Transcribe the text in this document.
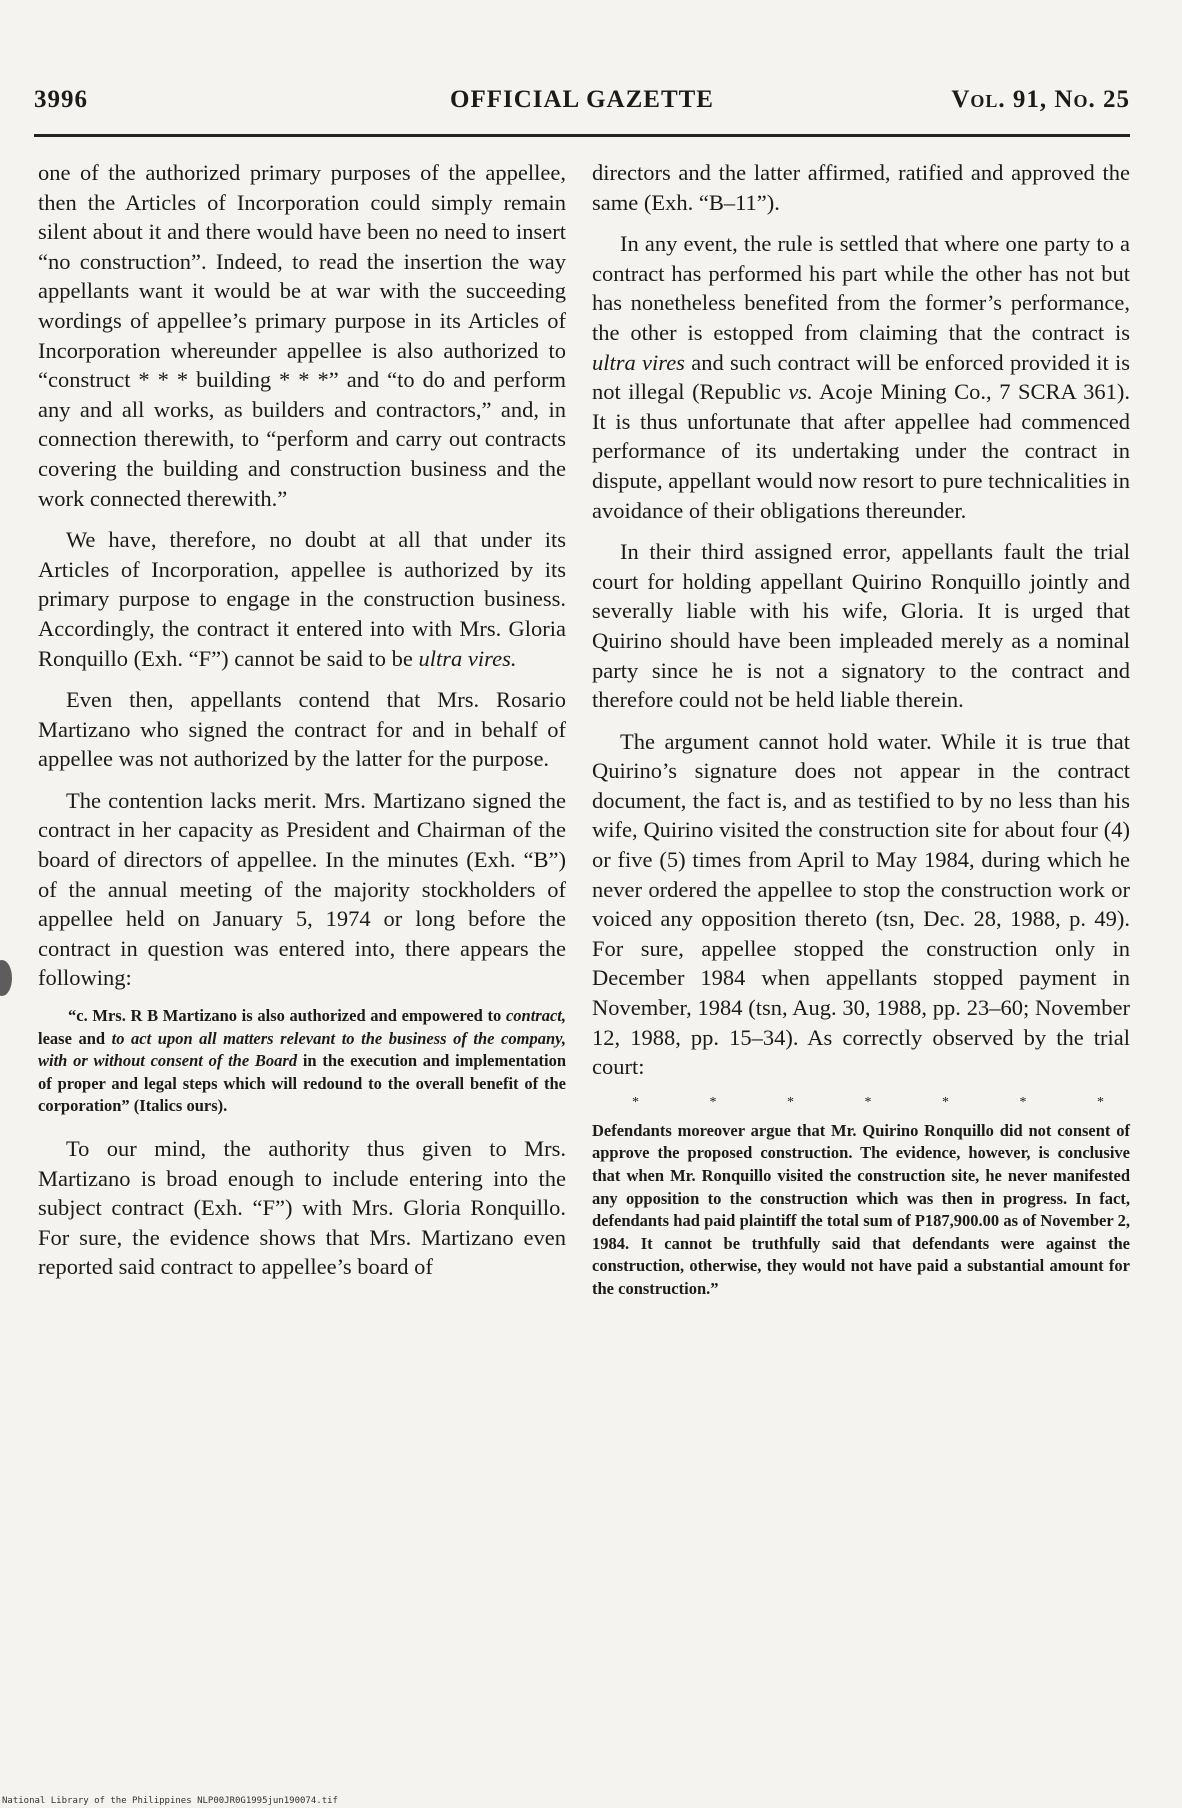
3996	OFFICIAL GAZETTE	Vol. 91, No. 25

one of the authorized primary purposes of the appellee, then the Articles of Incorporation could simply remain silent about it and there would have been no need to insert “no construction”. Indeed, to read the insertion the way appellants want it would be at war with the succeeding wordings of appellee’s primary purpose in its Articles of Incorporation whereunder appellee is also authorized to “construct * * * building * * *” and “to do and perform any and all works, as builders and contractors,” and, in connection therewith, to “perform and carry out contracts covering the building and construction business and the work connected therewith.”

We have, therefore, no doubt at all that under its Articles of Incorporation, appellee is authorized by its primary purpose to engage in the construction business. Accordingly, the contract it entered into with Mrs. Gloria Ronquillo (Exh. “F”) cannot be said to be ultra vires.

Even then, appellants contend that Mrs. Rosario Martizano who signed the contract for and in behalf of appellee was not authorized by the latter for the purpose.

The contention lacks merit. Mrs. Martizano signed the contract in her capacity as President and Chairman of the board of directors of appellee. In the minutes (Exh. “B”) of the annual meeting of the majority stockholders of appellee held on January 5, 1974 or long before the contract in question was entered into, there appears the following:

“c. Mrs. R B Martizano is also authorized and empowered to contract, lease and to act upon all matters relevant to the business of the company, with or without consent of the Board in the execution and implementation of proper and legal steps which will redound to the overall benefit of the corporation” (Italics ours).

To our mind, the authority thus given to Mrs. Martizano is broad enough to include entering into the subject contract (Exh. “F”) with Mrs. Gloria Ronquillo. For sure, the evidence shows that Mrs. Martizano even reported said contract to appellee’s board of

directors and the latter affirmed, ratified and approved the same (Exh. “B–11”).

In any event, the rule is settled that where one party to a contract has performed his part while the other has not but has nonetheless benefited from the former’s performance, the other is estopped from claiming that the contract is ultra vires and such contract will be enforced provided it is not illegal (Republic vs. Acoje Mining Co., 7 SCRA 361). It is thus unfortunate that after appellee had commenced performance of its undertaking under the contract in dispute, appellant would now resort to pure technicalities in avoidance of their obligations thereunder.

In their third assigned error, appellants fault the trial court for holding appellant Quirino Ronquillo jointly and severally liable with his wife, Gloria. It is urged that Quirino should have been impleaded merely as a nominal party since he is not a signatory to the contract and therefore could not be held liable therein.

The argument cannot hold water. While it is true that Quirino’s signature does not appear in the contract document, the fact is, and as testified to by no less than his wife, Quirino visited the construction site for about four (4) or five (5) times from April to May 1984, during which he never ordered the appellee to stop the construction work or voiced any opposition thereto (tsn, Dec. 28, 1988, p. 49). For sure, appellee stopped the construction only in December 1984 when appellants stopped payment in November, 1984 (tsn, Aug. 30, 1988, pp. 23–60; November 12, 1988, pp. 15–34). As correctly observed by the trial court:

*	*	*	*	*	*	*
Defendants moreover argue that Mr. Quirino Ronquillo did not consent of approve the proposed construction. The evidence, however, is conclusive that when Mr. Ronquillo visited the construction site, he never manifested any opposition to the construction which was then in progress. In fact, defendants had paid plaintiff the total sum of P187,900.00 as of November 2, 1984. It cannot be truthfully said that defendants were against the construction, otherwise, they would not have paid a substantial amount for the construction.”
National Library of the Philippines NLP00JR0G1995jun190074.tif
